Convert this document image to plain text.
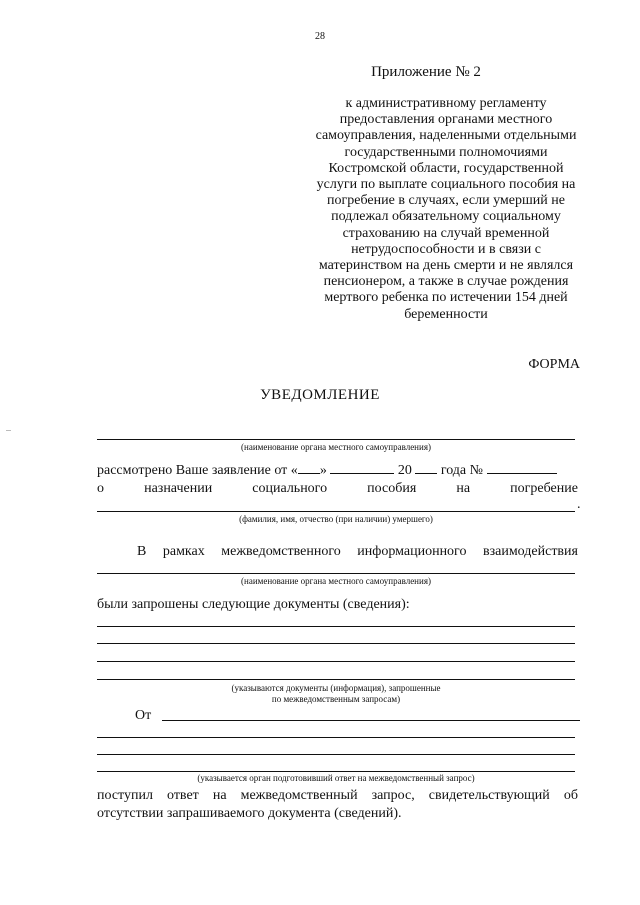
28
Приложение № 2
к административному регламенту
предоставления органами местного
самоуправления, наделенными отдельными
государственными полномочиями
Костромской области, государственной
услуги по выплате социального пособия на
погребение в случаях, если умерший не
подлежал обязательному социальному
страхованию на случай временной
нетрудоспособности и в связи с
материнством на день смерти и не являлся
пенсионером, а также в случае рождения
мертвого ребенка по истечении 154 дней
беременности
ФОРМА
УВЕДОМЛЕНИЕ
(наименование органа местного самоуправления)
рассмотрено Ваше заявление от « »	20 года №
о	назначении	социального	пособия	на	погребение
.
(фамилия, имя, отчество (при наличии) умершего)
В рамках межведомственного информационного взаимодействия
(наименование органа местного самоуправления)
были запрошены следующие документы (сведения):
(указываются документы (информация), запрошенные
по межведомственным запросам)
От
(указывается орган подготовивший ответ на межведомственный запрос)
поступил ответ на межведомственный запрос, свидетельствующий об
отсутствии запрашиваемого документа (сведений).
